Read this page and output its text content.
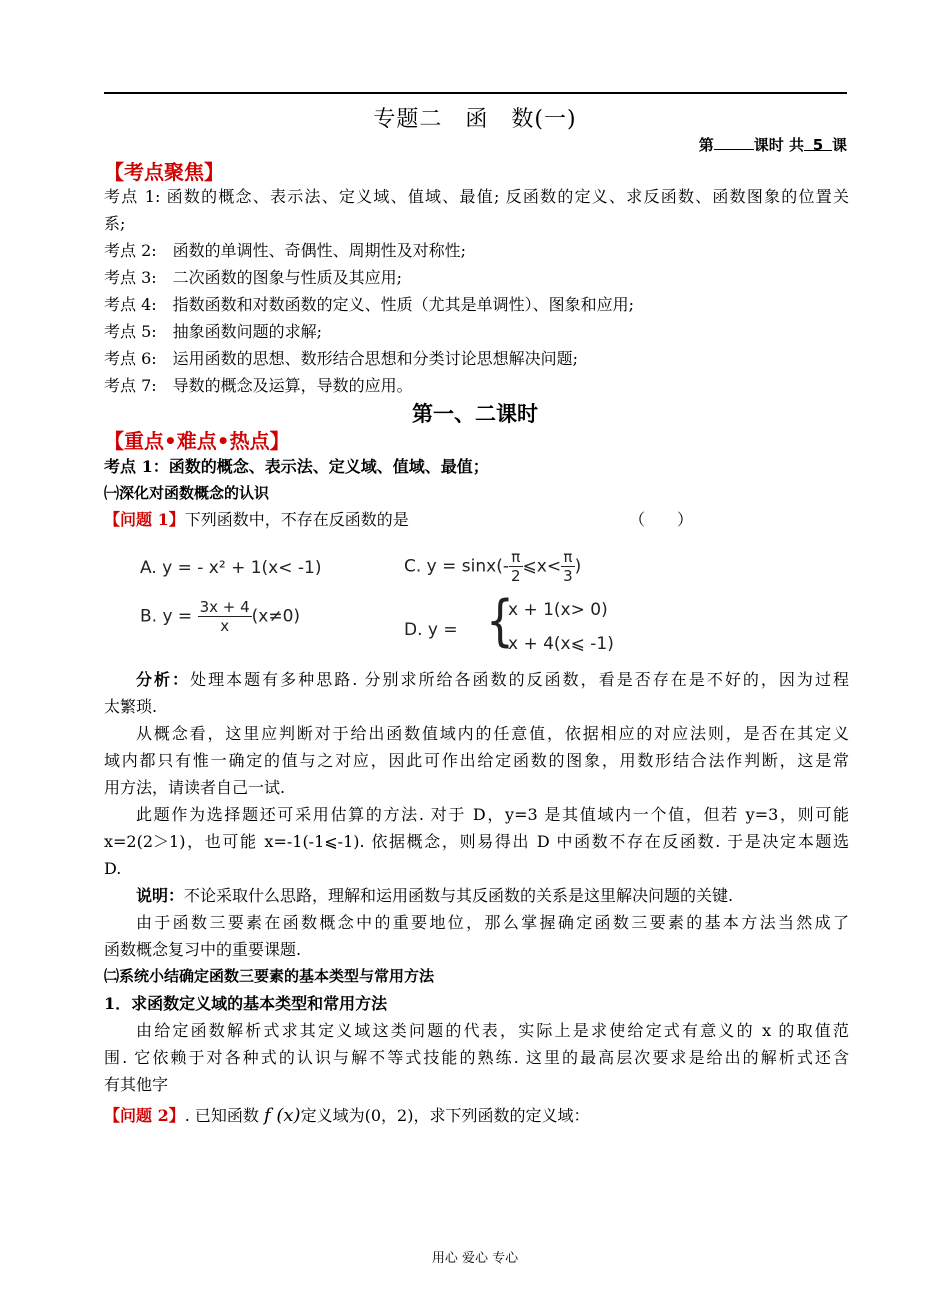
专题二　函　数(一)
第	课时 共 5 课
【考点聚焦】
考点 1: 函数的概念、表示法、定义域、值域、最值; 反函数的定义、求反函数、函数图象的位置关
系;
考点 2:　函数的单调性、奇偶性、周期性及对称性;
考点 3:　二次函数的图象与性质及其应用;
考点 4:　指数函数和对数函数的定义、性质（尤其是单调性）、图象和应用;
考点 5:　抽象函数问题的求解;
考点 6:　运用函数的思想、数形结合思想和分类讨论思想解决问题;
考点 7:　导数的概念及运算，导数的应用。
第一、二课时
【重点•难点•热点】
考点 1：函数的概念、表示法、定义域、值域、最值；
㈠深化对函数概念的认识
【问题 1】下列函数中，不存在反函数的是	（　　）
A. y = - x² + 1(x< -1)	C. $y = \sin x(- \frac{\pi}{2}$ ⩽x< $\frac{\pi}{3}$ )
B. $y = \frac{3x + 4}{x} (x\ne 0)$
D. y = {
x + 1(x> 0)
x + 4(x⩽ -1)
分析：处理本题有多种思路. 分别求所给各函数的反函数，看是否存在是不好的，因为过程
太繁琐.
从概念看，这里应判断对于给出函数值域内的任意值，依据相应的对应法则，是否在其定义
域内都只有惟一确定的值与之对应，因此可作出给定函数的图象，用数形结合法作判断，这是常
用方法，请读者自己一试.
此题作为选择题还可采用估算的方法. 对于 D，y=3 是其值域内一个值，但若 y=3，则可能
x=2(2＞1)，也可能 x=-1(-1⩽-1). 依据概念，则易得出 D 中函数不存在反函数. 于是决定本题选
D.
说明：不论采取什么思路，理解和运用函数与其反函数的关系是这里解决问题的关键.
由于函数三要素在函数概念中的重要地位，那么掌握确定函数三要素的基本方法当然成了
函数概念复习中的重要课题.
㈡系统小结确定函数三要素的基本类型与常用方法
1．求函数定义域的基本类型和常用方法
由给定函数解析式求其定义域这类问题的代表，实际上是求使给定式有意义的 x 的取值范
围. 它依赖于对各种式的认识与解不等式技能的熟练. 这里的最高层次要求是给出的解析式还含
有其他字
【问题 2】. 已知函数 f (x)定义域为(0，2)，求下列函数的定义域：
用心 爱心 专心
